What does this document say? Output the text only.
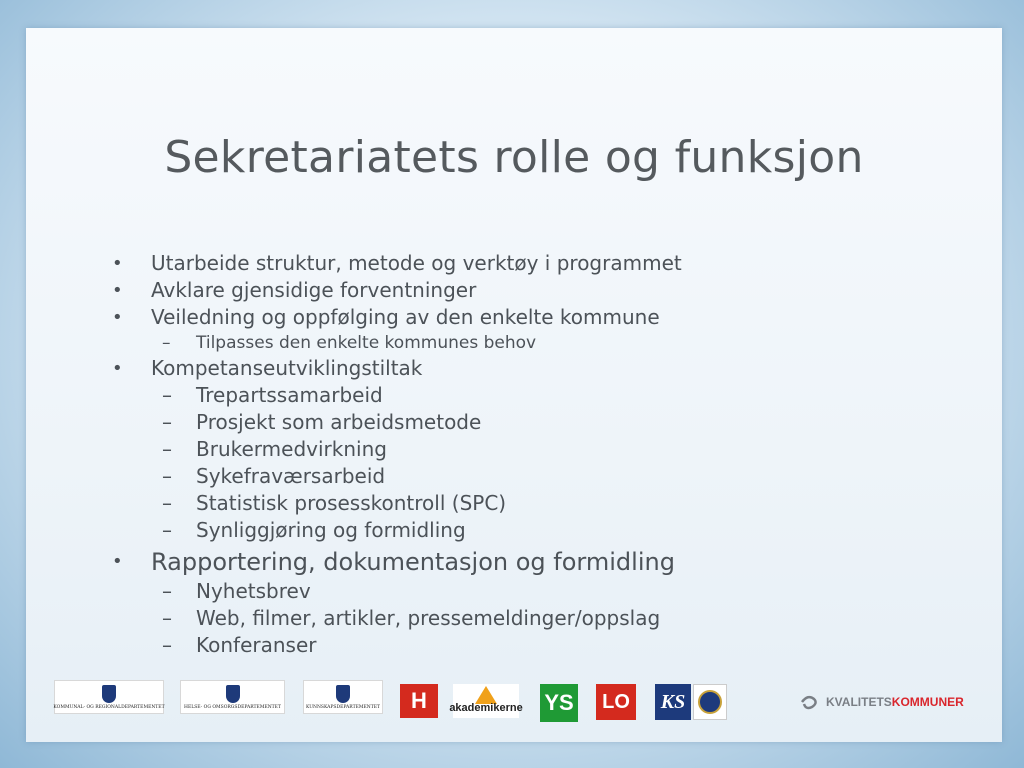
Sekretariatets rolle og funksjon
• Utarbeide struktur, metode og verktøy i programmet
• Avklare gjensidige forventninger
• Veiledning og oppfølging av den enkelte kommune
– Tilpasses den enkelte kommunes behov
• Kompetanseutviklingstiltak
– Trepartssamarbeid
– Prosjekt som arbeidsmetode
– Brukermedvirkning
– Sykefraværsarbeid
– Statistisk prosesskontroll (SPC)
– Synliggjøring og formidling
• Rapportering, dokumentasjon og formidling
– Nyhetsbrev
– Web, filmer, artikler, pressemeldinger/oppslag
– Konferanser
KOMMUNAL- OG REGIONALDEPARTEMENTET	HELSE- OG OMSORGSDEPARTEMENTET	KUNNSKAPSDEPARTEMENTET	H	akademikerne YS	LO	KS	KVALITETS KOMMUNER
